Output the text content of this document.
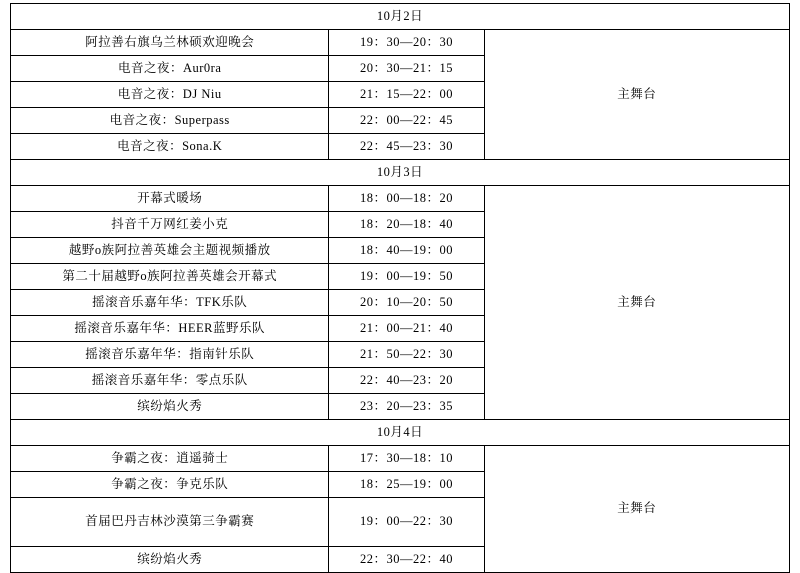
10月2日		
阿拉善右旗乌兰林硕欢迎晚会	19：30—20：30	主舞台
电音之夜：Aur0ra	20：30—21：15	
电音之夜：DJ Niu	21：15—22：00	
电音之夜：Superpass	22：00—22：45	
电音之夜：Sona.K	22：45—23：30	
10月3日		
开幕式暖场	18：00—18：20	主舞台
抖音千万网红姜小克	18：20—18：40	
越野o族阿拉善英雄会主题视频播放	18：40—19：00	
第二十届越野o族阿拉善英雄会开幕式	19：00—19：50	
摇滚音乐嘉年华：TFK乐队	20：10—20：50	
摇滚音乐嘉年华：HEER蓝野乐队	21：00—21：40	
摇滚音乐嘉年华：指南针乐队	21：50—22：30	
摇滚音乐嘉年华：零点乐队	22：40—23：20	
缤纷焰火秀	23：20—23：35	
10月4日		
争霸之夜：逍遥骑士	17：30—18：10	主舞台
争霸之夜：争克乐队	18：25—19：00	
首届巴丹吉林沙漠第三争霸赛	19：00—22：30	
缤纷焰火秀	22：30—22：40	
